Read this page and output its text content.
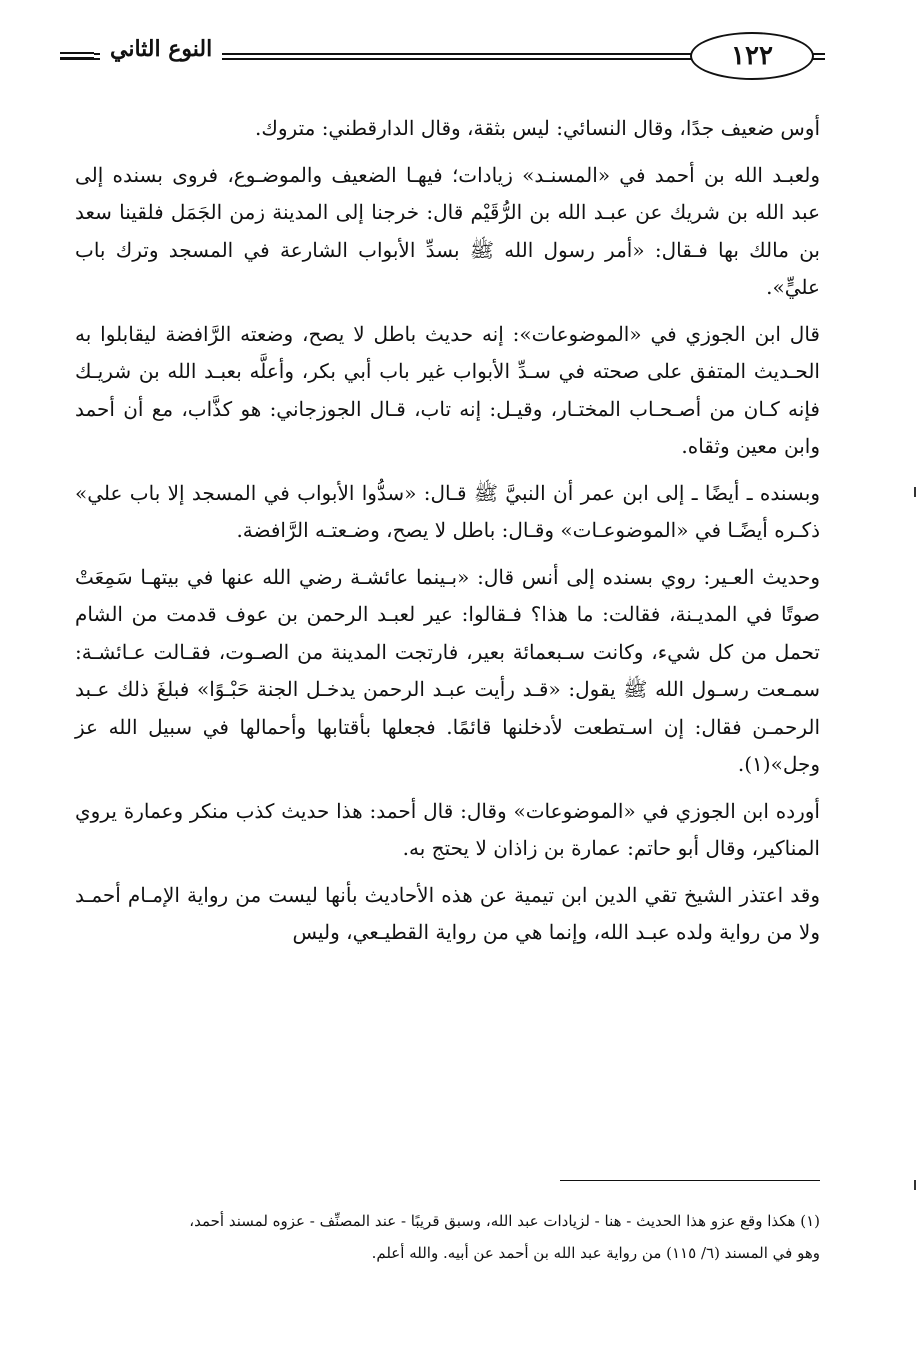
النوع الثاني	١٢٢

أوس ضعيف جدًا، وقال النسائي: ليس بثقة، وقال الدارقطني: متروك.

ولعبـد الله بن أحمد في «المسنـد» زيادات؛ فيهـا الضعيف والموضـوع، فروى بسنده إلى عبد الله بن شريك عن عبـد الله بن الرُّقَيْم قال: خرجنا إلى المدينة زمن الجَمَل فلقينا سعد بن مالك بها فـقال: «أمر رسول الله ﷺ بسدِّ الأبواب الشارعة في المسجد وترك باب عليٍّ».

قال ابن الجوزي في «الموضوعات»: إنه حديث باطل لا يصح، وضعته الرَّافضة ليقابلوا به الحـديث المتفق على صحته في سـدِّ الأبواب غير باب أبي بكر، وأعلَّه بعبـد الله بن شريـك فإنه كـان من أصـحـاب المختـار، وقيـل: إنه تاب، قـال الجوزجاني: هو كذَّاب، مع أن أحمد وابن معين وثقاه.

وبسنده ـ أيضًا ـ إلى ابن عمر أن النبيَّ ﷺ قـال: «سدُّوا الأبواب في المسجد إلا باب علي» ذكـره أيضًـا في «الموضوعـات» وقـال: باطل لا يصح، وضـعتـه الرَّافضة.

وحديث العـير: روي بسنده إلى أنس قال: «بـينما عائشـة رضي الله عنها في بيتهـا سَمِعَتْ صوتًا في المديـنة، فقالت: ما هذا؟ فـقالوا: عير لعبـد الرحمن بن عوف قدمت من الشام تحمل من كل شيء، وكانت سـبعمائة بعير، فارتجت المدينة من الصـوت، فقـالت عـائشـة: سمـعت رسـول الله ﷺ يقول: «قـد رأيت عبـد الرحمن يدخـل الجنة حَبْـوًا» فبلغَ ذلك عـبد الرحمـن فقال: إن اسـتطعت لأدخلنها قائمًا. فجعلها بأقتابها وأحمالها في سبيل الله عز وجل»(١).

أورده ابن الجوزي في «الموضوعات» وقال: قال أحمد: هذا حديث كذب منكر وعمارة يروي المناكير، وقال أبو حاتم: عمارة بن زاذان لا يحتج به.

وقد اعتذر الشيخ تقي الدين ابن تيمية عن هذه الأحاديث بأنها ليست من رواية الإمـام أحمـد ولا من رواية ولده عبـد الله، وإنما هي من رواية القطيـعي، وليس

(١) هكذا وقع عزو هذا الحديث - هنا - لزيادات عبد الله، وسبق قريبًا - عند المصنِّف - عزوه لمسند أحمد،

وهو في المسند (٦/ ١١٥) من رواية عبد الله بن أحمد عن أبيه. والله أعلم.
